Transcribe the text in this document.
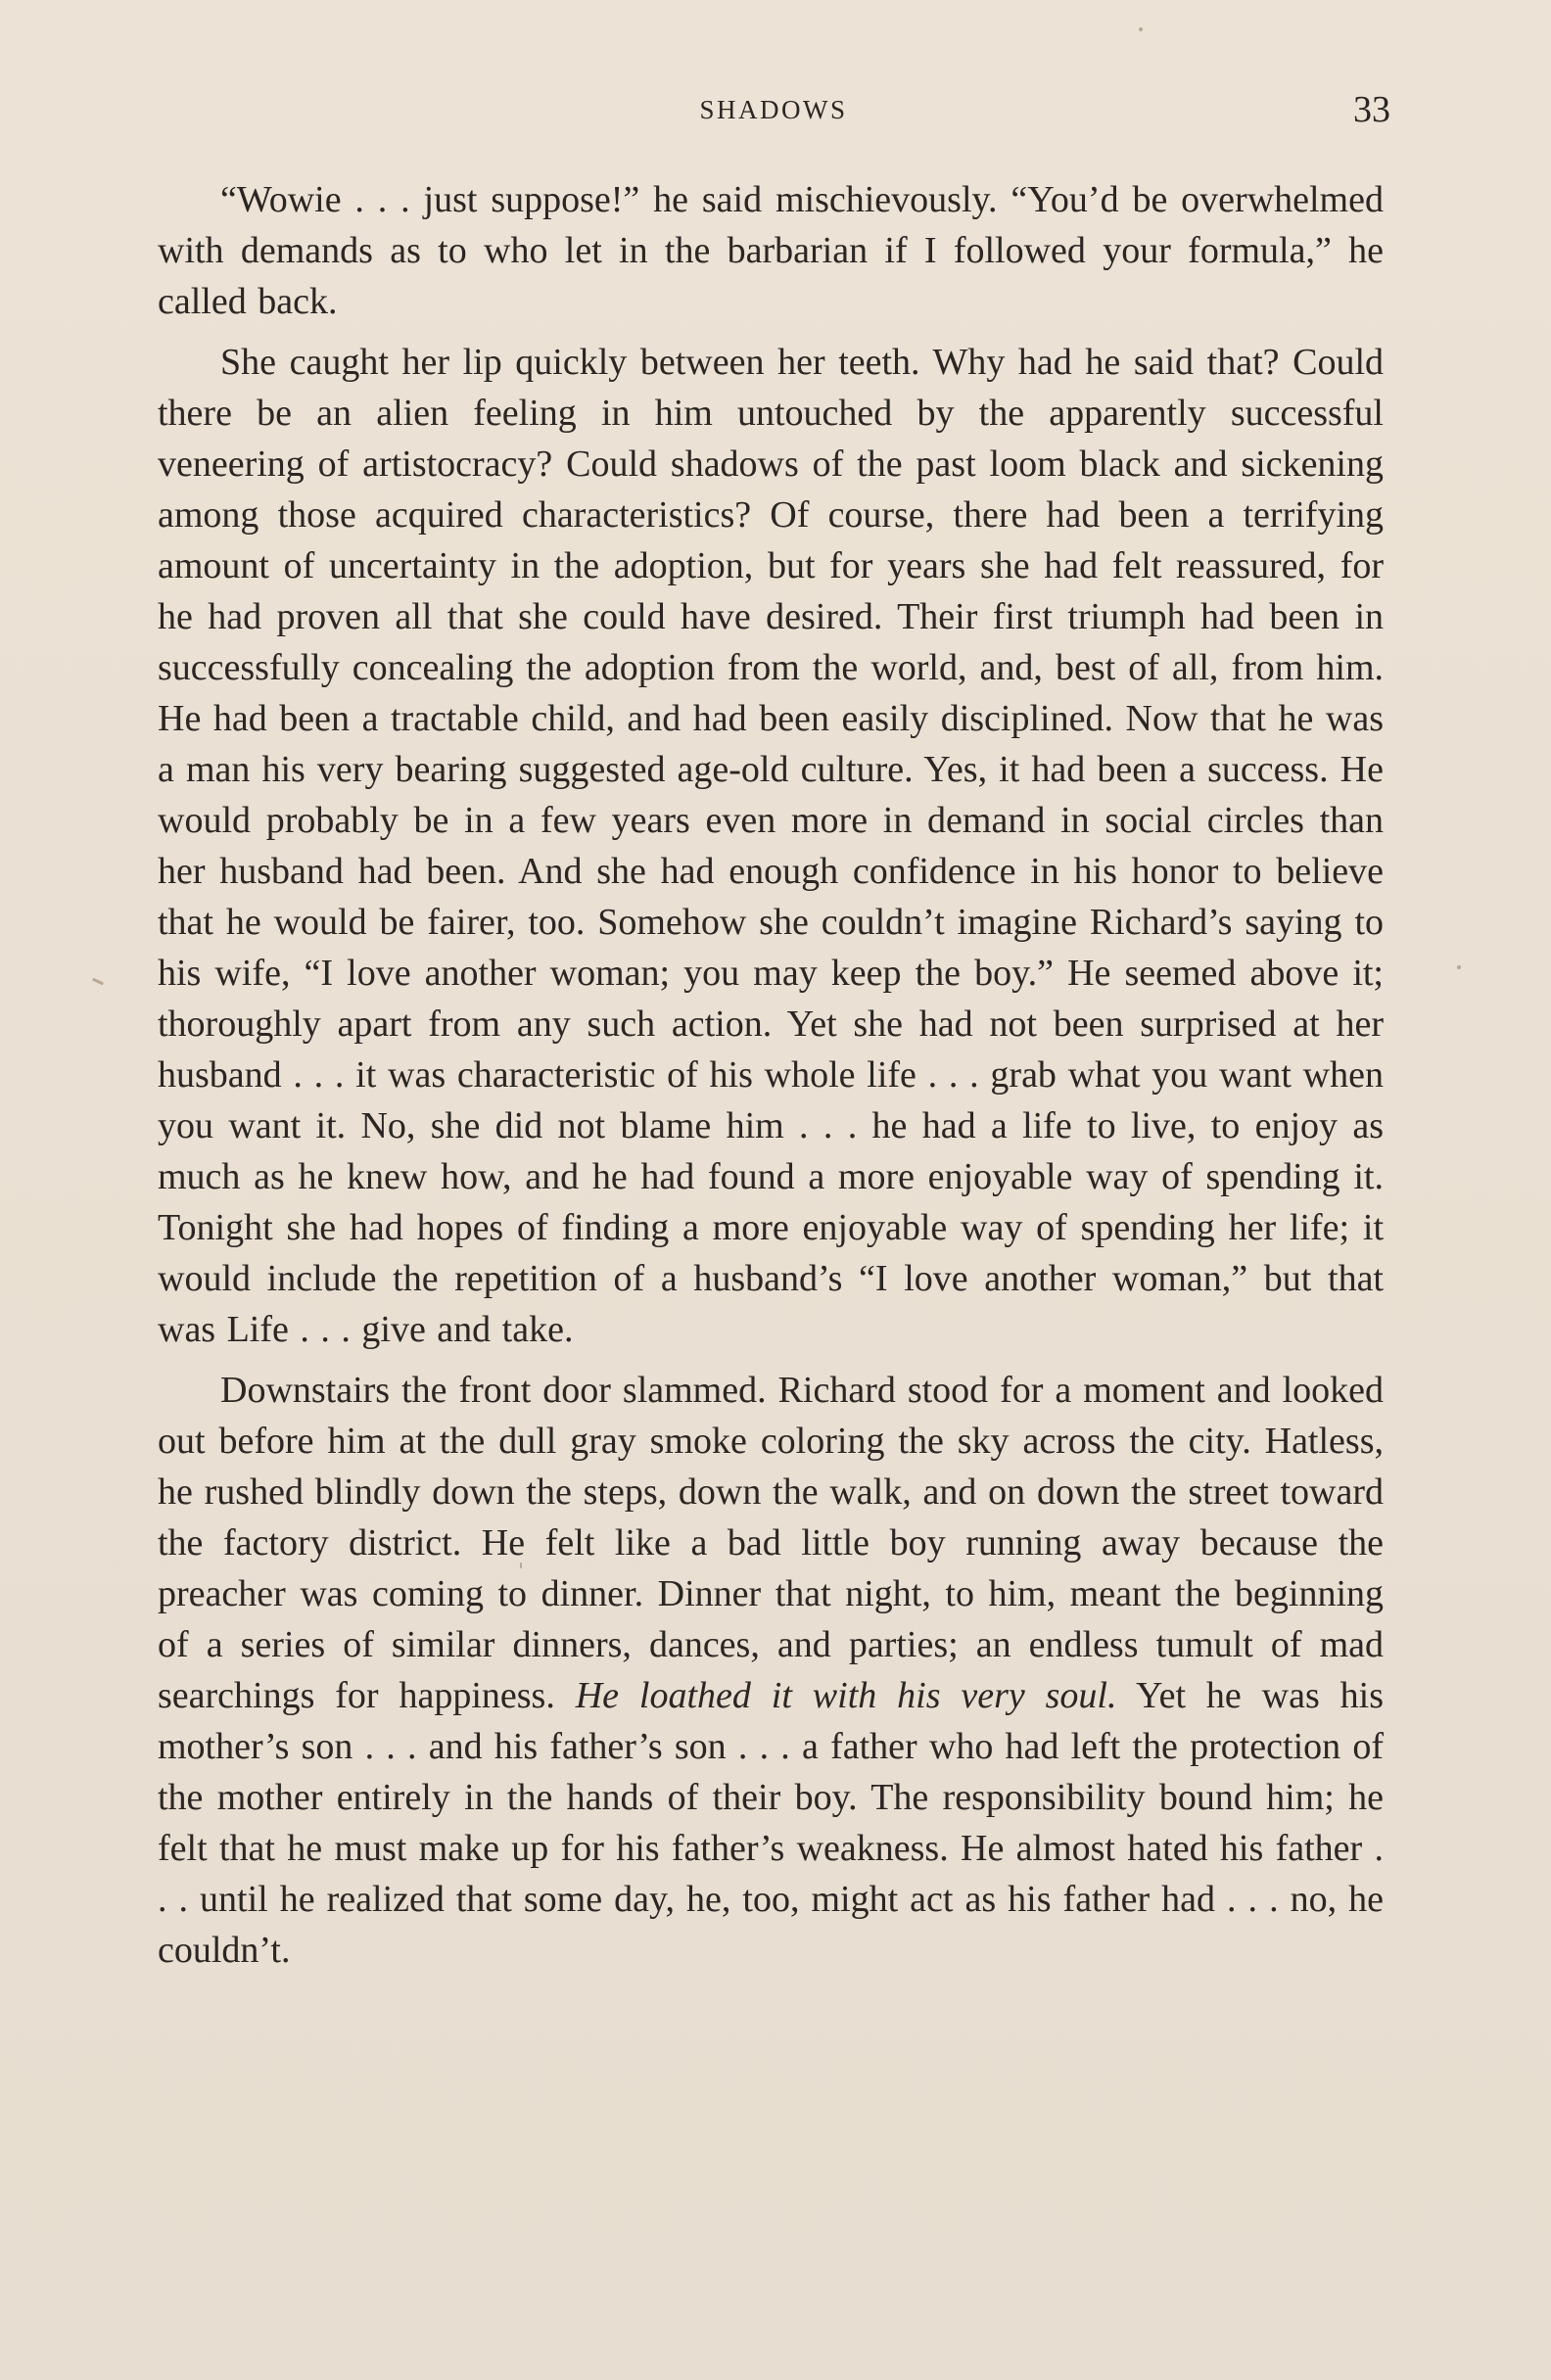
SHADOWS	33

“Wowie . . . just suppose!” he said mischievously. “You’d be overwhelmed with demands as to who let in the barbarian if I followed your formula,” he called back.

She caught her lip quickly between her teeth. Why had he said that? Could there be an alien feeling in him untouched by the apparently successful veneering of artistocracy? Could shadows of the past loom black and sickening among those acquired characteristics? Of course, there had been a terrifying amount of uncertainty in the adoption, but for years she had felt reassured, for he had proven all that she could have desired. Their first triumph had been in successfully concealing the adoption from the world, and, best of all, from him. He had been a tractable child, and had been easily disciplined. Now that he was a man his very bearing suggested age-old culture. Yes, it had been a success. He would probably be in a few years even more in demand in social circles than her husband had been. And she had enough confidence in his honor to believe that he would be fairer, too. Somehow she couldn’t imagine Richard’s saying to his wife, “I love another woman; you may keep the boy.” He seemed above it; thoroughly apart from any such action. Yet she had not been surprised at her husband . . . it was characteristic of his whole life . . . grab what you want when you want it. No, she did not blame him . . . he had a life to live, to enjoy as much as he knew how, and he had found a more enjoyable way of spending it. Tonight she had hopes of finding a more enjoyable way of spending her life; it would include the repetition of a husband’s “I love another woman,” but that was Life . . . give and take.

Downstairs the front door slammed. Richard stood for a moment and looked out before him at the dull gray smoke coloring the sky across the city. Hatless, he rushed blindly down the steps, down the walk, and on down the street toward the factory district. He felt like a bad little boy running away because the preacher was coming to dinner. Dinner that night, to him, meant the beginning of a series of similar dinners, dances, and parties; an endless tumult of mad searchings for happiness. He loathed it with his very soul. Yet he was his mother’s son . . . and his father’s son . . . a father who had left the protection of the mother entirely in the hands of their boy. The responsibility bound him; he felt that he must make up for his father’s weakness. He almost hated his father . . . until he realized that some day, he, too, might act as his father had . . . no, he couldn’t.
